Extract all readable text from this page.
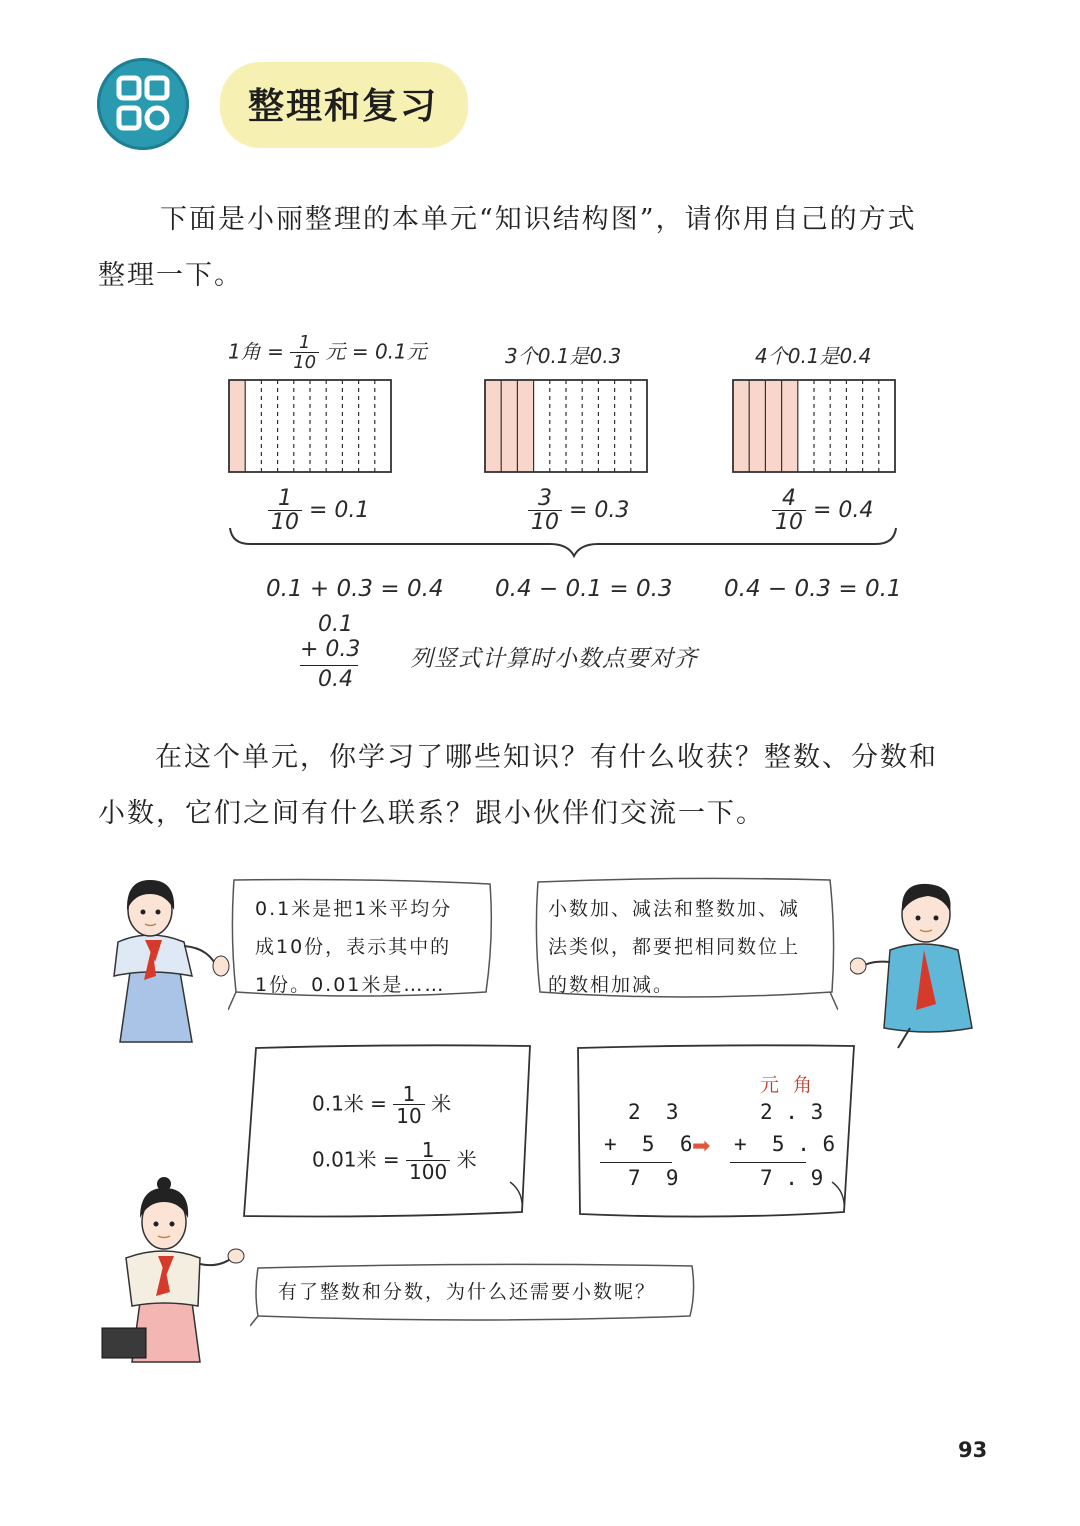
整理和复习
下面是小丽整理的本单元“知识结构图”，请你用自己的方式
整理一下。
1角 = $\frac{1}{10}$ 元 = 0.1元	3个0.1是0.3	4个0.1是0.4
$\frac{1}{10} = 0.1$	$\frac{3}{10} = 0.3$	$\frac{4}{10} = 0.4$
0.1 + 0.3 = 0.4 0.4 − 0.1 = 0.3 0.4 − 0.3 = 0.1
0.1
+ 0.3
0.4
列竖式计算时小数点要对齐
在这个单元，你学习了哪些知识？有什么收获？整数、分数和
小数，它们之间有什么联系？跟小伙伴们交流一下。
0.1米是把1米平均分
成10份，表示其中的
1份。0.01米是……
小数加、减法和整数加、减
法类似，都要把相同数位上
的数相加减。
0.1米 = $\frac{1}{10}$ 米
0.01米 = $\frac{1}{100}$ 米
元 角
2  3
+  5  6
7  9
➡
2 . 3
+  5 . 6
7 . 9
有了整数和分数，为什么还需要小数呢？
93
